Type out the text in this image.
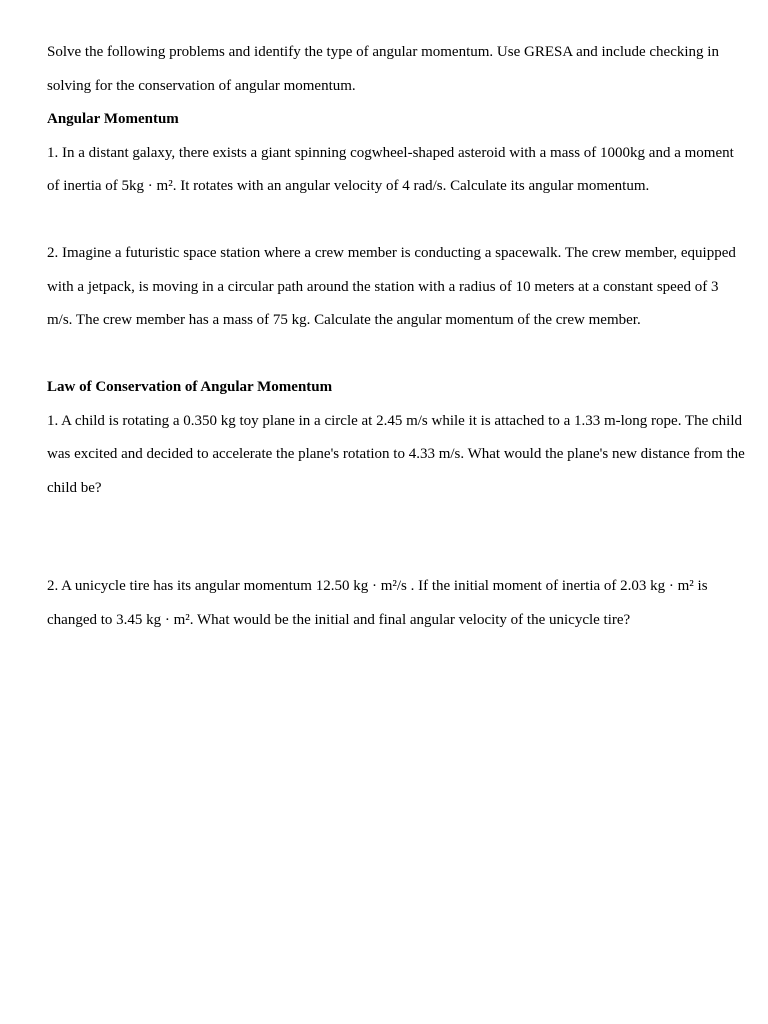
Solve the following problems and identify the type of angular momentum. Use GRESA and include checking in solving for the conservation of angular momentum.

Angular Momentum

1. In a distant galaxy, there exists a giant spinning cogwheel-shaped asteroid with a mass of 1000kg and a moment of inertia of 5kg · m². It rotates with an angular velocity of 4 rad/s. Calculate its angular momentum.

2. Imagine a futuristic space station where a crew member is conducting a spacewalk. The crew member, equipped with a jetpack, is moving in a circular path around the station with a radius of 10 meters at a constant speed of 3 m/s. The crew member has a mass of 75 kg. Calculate the angular momentum of the crew member.

Law of Conservation of Angular Momentum

1. A child is rotating a 0.350 kg toy plane in a circle at 2.45 m/s while it is attached to a 1.33 m-long rope. The child was excited and decided to accelerate the plane's rotation to 4.33 m/s. What would the plane's new distance from the child be?

2. A unicycle tire has its angular momentum 12.50 kg · m²/s . If the initial moment of inertia of 2.03 kg · m² is changed to 3.45 kg · m². What would be the initial and final angular velocity of the unicycle tire?
